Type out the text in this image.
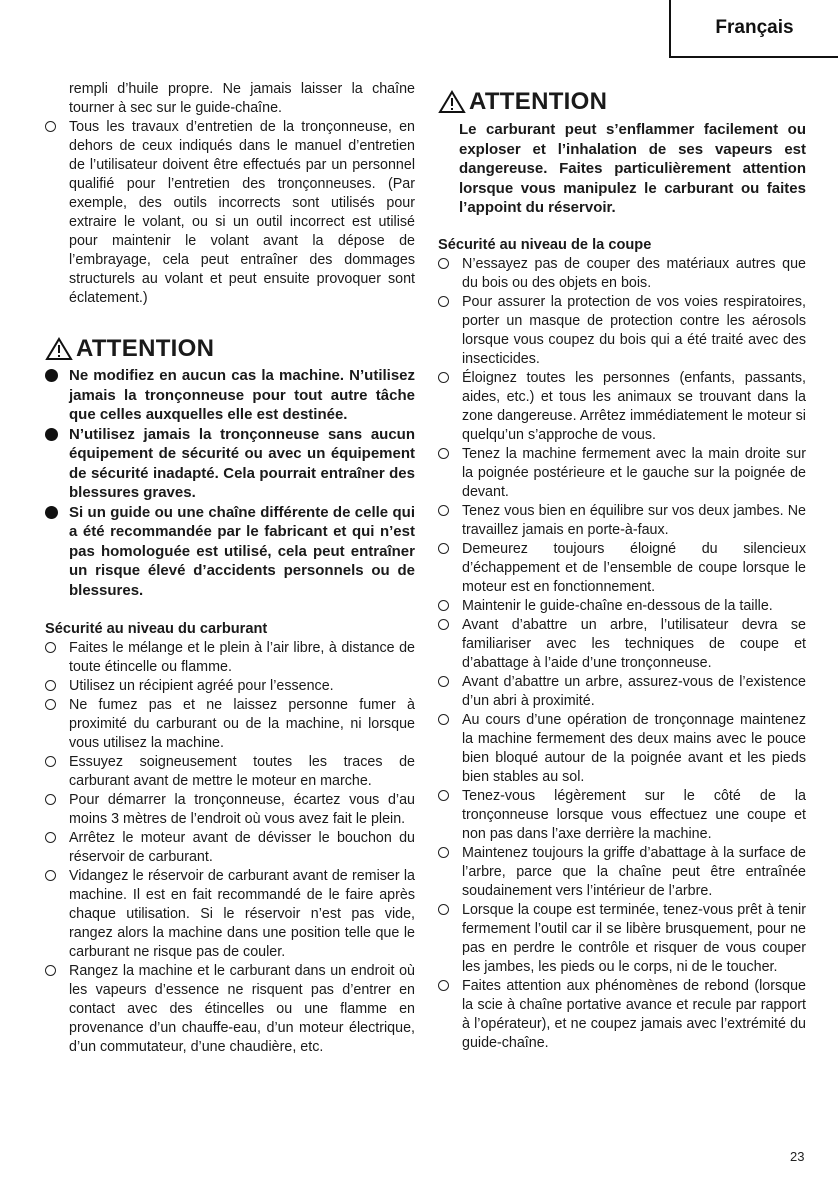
Français

rempli d’huile propre. Ne jamais laisser la chaîne tourner à sec sur le guide-chaîne.

Tous les travaux d’entretien de la tronçonneuse, en dehors de ceux indiqués dans le manuel d’entretien de l’utilisateur doivent être effectués par un personnel qualifié pour l’entretien des tronçonneuses. (Par exemple, des outils incorrects sont utilisés pour extraire le volant, ou si un outil incorrect est utilisé pour maintenir le volant avant la dépose de l’embrayage, cela peut entraîner des dommages structurels au volant et peut ensuite provoquer sont éclatement.)
ATTENTION
Ne modifiez en aucun cas la machine. N’utilisez jamais la tronçonneuse pour tout autre tâche que celles auxquelles elle est destinée.
N’utilisez jamais la tronçonneuse sans aucun équipement de sécurité ou avec un équipement de sécurité inadapté. Cela pourrait entraîner des blessures graves.
Si un guide ou une chaîne différente de celle qui a été recommandée par le fabricant et qui n’est pas homologuée est utilisé, cela peut entraîner un risque élevé d’accidents personnels ou de blessures.

Sécurité au niveau du carburant

Faites le mélange et le plein à l’air libre, à distance de toute étincelle ou flamme.
Utilisez un récipient agréé pour l’essence.
Ne fumez pas et ne laissez personne fumer à proximité du carburant ou de la machine, ni lorsque vous utilisez la machine.
Essuyez soigneusement toutes les traces de carburant avant de mettre le moteur en marche.
Pour démarrer la tronçonneuse, écartez vous d’au moins 3 mètres de l’endroit où vous avez fait le plein.
Arrêtez le moteur avant de dévisser le bouchon du réservoir de carburant.
Vidangez le réservoir de carburant avant de remiser la machine. Il est en fait recommandé de le faire après chaque utilisation. Si le réservoir n’est pas vide, rangez alors la machine dans une position telle que le carburant ne risque pas de couler.
Rangez la machine et le carburant dans un endroit où les vapeurs d’essence ne risquent pas d’entrer en contact avec des étincelles ou une flamme en provenance d’un chauffe-eau, d’un moteur électrique, d’un commutateur, d’une chaudière, etc.
ATTENTION

Le carburant peut s’enflammer facilement ou exploser et l’inhalation de ses vapeurs est dangereuse. Faites particulièrement attention lorsque vous manipulez le carburant ou faites l’appoint du réservoir.

Sécurité au niveau de la coupe

N’essayez pas de couper des matériaux autres que du bois ou des objets en bois.
Pour assurer la protection de vos voies respiratoires, porter un masque de protection contre les aérosols lorsque vous coupez du bois qui a été traité avec des insecticides.
Éloignez toutes les personnes (enfants, passants, aides, etc.) et tous les animaux se trouvant dans la zone dangereuse. Arrêtez immédiatement le moteur si quelqu’un s’approche de vous.
Tenez la machine fermement avec la main droite sur la poignée postérieure et le gauche sur la poignée de devant.
Tenez vous bien en équilibre sur vos deux jambes. Ne travaillez jamais en porte-à-faux.
Demeurez toujours éloigné du silencieux d’échappement et de l’ensemble de coupe lorsque le moteur est en fonctionnement.
Maintenir le guide-chaîne en-dessous de la taille.
Avant d’abattre un arbre, l’utilisateur devra se familiariser avec les techniques de coupe et d’abattage à l’aide d’une tronçonneuse.
Avant d’abattre un arbre, assurez-vous de l’existence d’un abri à proximité.
Au cours d’une opération de tronçonnage maintenez la machine fermement des deux mains avec le pouce bien bloqué autour de la poignée avant et les pieds bien stables au sol.
Tenez-vous légèrement sur le côté de la tronçonneuse lorsque vous effectuez une coupe et non pas dans l’axe derrière la machine.
Maintenez toujours la griffe d’abattage à la surface de l’arbre, parce que la chaîne peut être entraînée soudainement vers l’intérieur de l’arbre.
Lorsque la coupe est terminée, tenez-vous prêt à tenir fermement l’outil car il se libère brusquement, pour ne pas en perdre le contrôle et risquer de vous couper les jambes, les pieds ou le corps, ni de le toucher.
Faites attention aux phénomènes de rebond (lorsque la scie à chaîne portative avance et recule par rapport à l’opérateur), et ne coupez jamais avec l’extrémité du guide-chaîne.
23
